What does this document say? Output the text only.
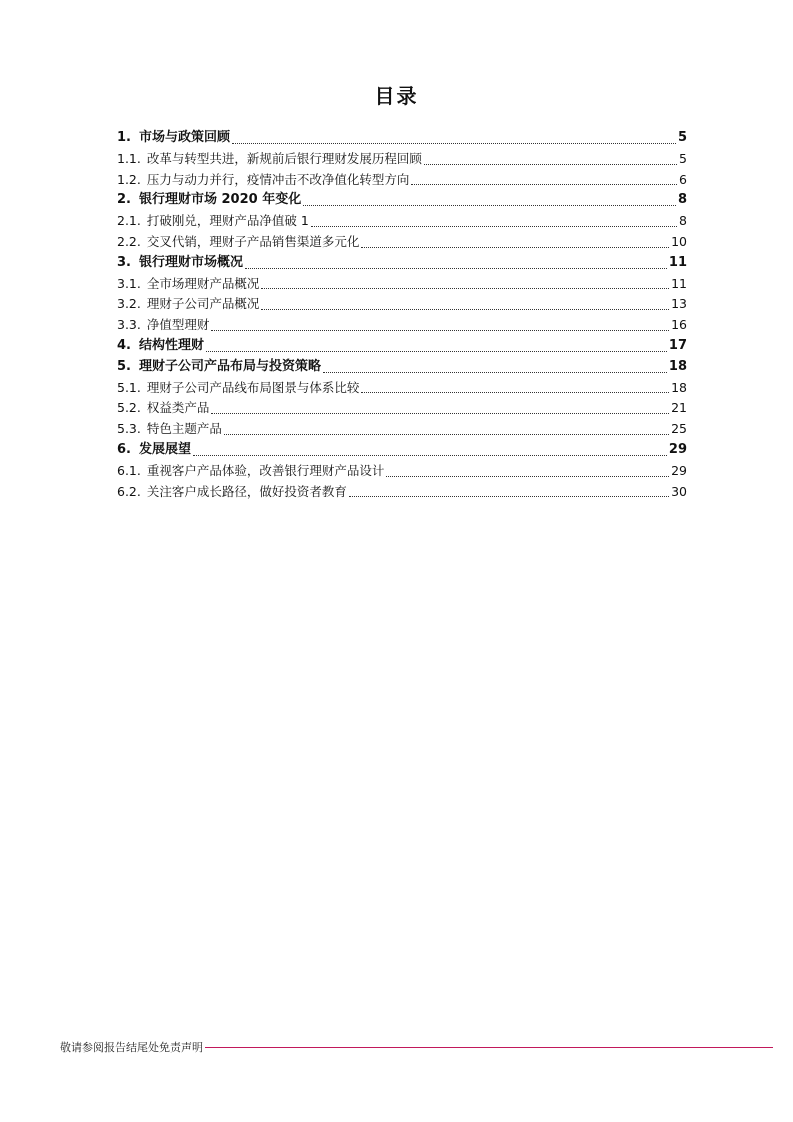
目录
1. 市场与政策回顾	5
1.1. 改革与转型共进，新规前后银行理财发展历程回顾	5
1.2. 压力与动力并行，疫情冲击不改净值化转型方向	6
2. 银行理财市场 2020 年变化	8
2.1. 打破刚兑，理财产品净值破 1	8
2.2. 交叉代销，理财子产品销售渠道多元化	10
3. 银行理财市场概况	11
3.1. 全市场理财产品概况	11
3.2. 理财子公司产品概况	13
3.3. 净值型理财	16
4. 结构性理财	17
5. 理财子公司产品布局与投资策略	18
5.1. 理财子公司产品线布局图景与体系比较	18
5.2. 权益类产品	21
5.3. 特色主题产品	25
6. 发展展望	29
6.1. 重视客户产品体验，改善银行理财产品设计	29
6.2. 关注客户成长路径，做好投资者教育	30
敬请参阅报告结尾处免责声明
